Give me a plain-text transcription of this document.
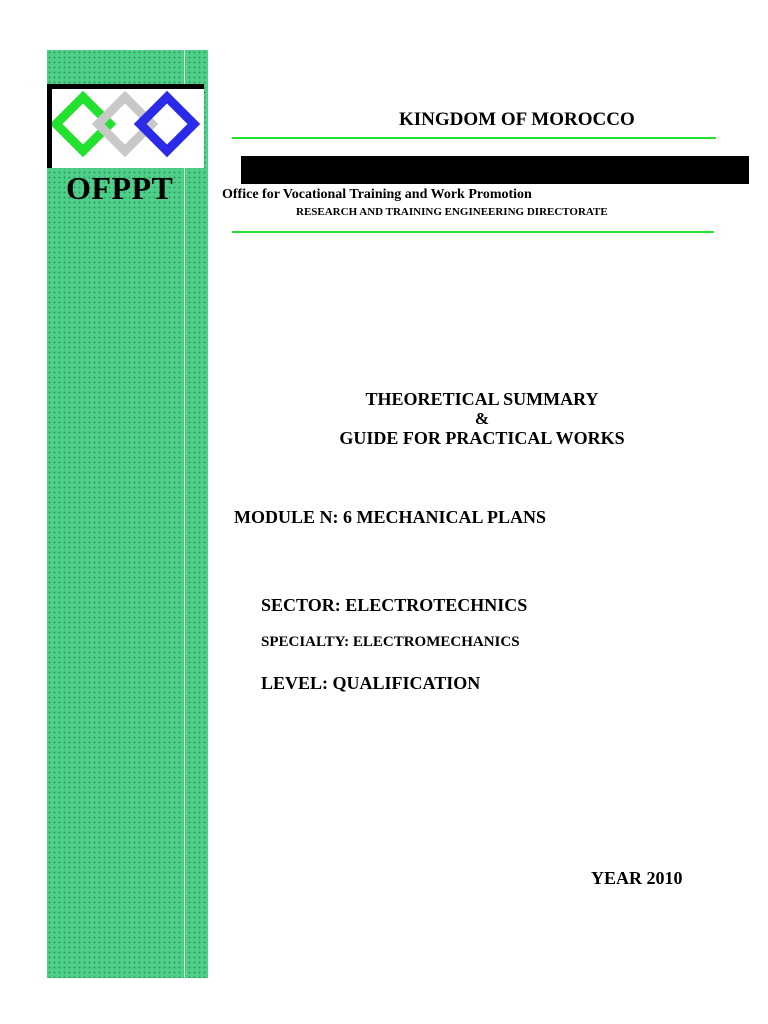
OFPPT
KINGDOM OF MOROCCO
Office for Vocational Training and Work Promotion
RESEARCH AND TRAINING ENGINEERING DIRECTORATE
THEORETICAL SUMMARY
&
GUIDE FOR PRACTICAL WORKS
MODULE N: 6 MECHANICAL PLANS
SECTOR: ELECTROTECHNICS
SPECIALTY: ELECTROMECHANICS
LEVEL: QUALIFICATION
YEAR 2010
